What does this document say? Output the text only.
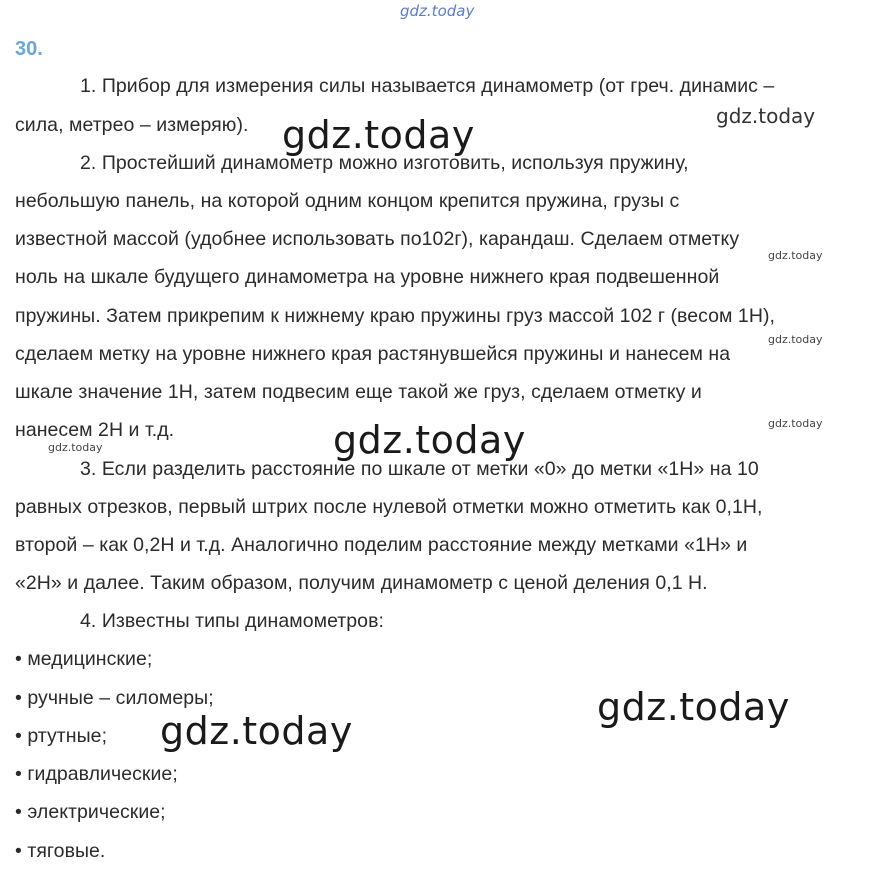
gdz.today
30.
1. Прибор для измерения силы называется динамометр (от греч. динамис –
сила, метрео – измеряю).
2. Простейший динамометр можно изготовить, используя пружину,
небольшую панель, на которой одним концом крепится пружина, грузы с
известной массой (удобнее использовать по102г), карандаш. Сделаем отметку
ноль на шкале будущего динамометра на уровне нижнего края подвешенной
пружины. Затем прикрепим к нижнему краю пружины груз массой 102 г (весом 1Н),
сделаем метку на уровне нижнего края растянувшейся пружины и нанесем на
шкале значение 1Н, затем подвесим еще такой же груз, сделаем отметку и
нанесем 2Н и т.д.
3. Если разделить расстояние по шкале от метки «0» до метки «1Н» на 10
равных отрезков, первый штрих после нулевой отметки можно отметить как 0,1Н,
второй – как 0,2Н и т.д. Аналогично поделим расстояние между метками «1Н» и
«2Н» и далее. Таким образом, получим динамометр с ценой деления 0,1 Н.
4. Известны типы динамометров:
• медицинские;
• ручные – силомеры;
• ртутные;
• гидравлические;
• электрические;
• тяговые.
gdz.today	gdz.today
gdz.today
gdz.today
gdz.today
gdz.today	gdz.today
gdz.today
gdz.today
